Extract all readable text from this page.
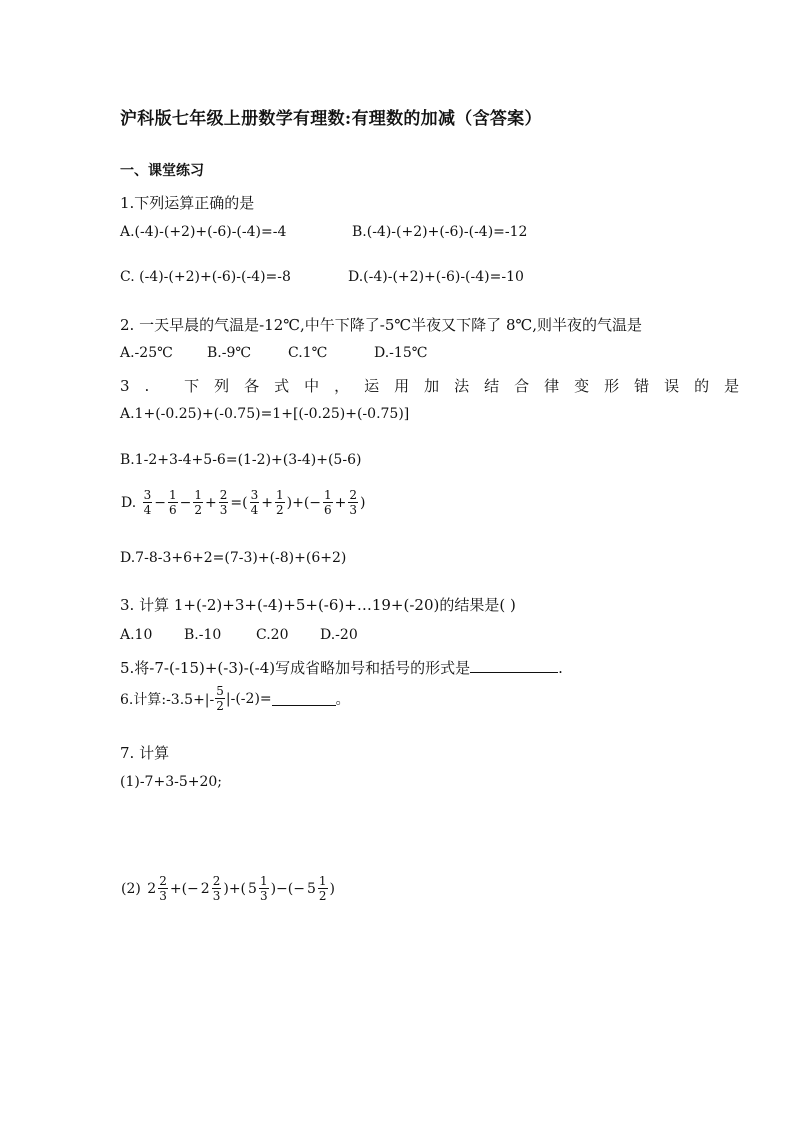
沪科版七年级上册数学有理数:有理数的加减（含答案）
一、课堂练习
1.下列运算正确的是
A.(-4)-(+2)+(-6)-(-4)=-4	B.(-4)-(+2)+(-6)-(-4)=-12
C. (-4)-(+2)+(-6)-(-4)=-8	D.(-4)-(+2)+(-6)-(-4)=-10
2. 一天早晨的气温是-12℃,中午下降了-5℃半夜又下降了 8℃,则半夜的气温是
A.-25℃ B.-9℃	C.1℃	D.-15℃
3. 下列各式中，运用加法结合律变形错误的是
A.1+(-0.25)+(-0.75)=1+[(-0.25)+(-0.75)]
B.1-2+3-4+5-6=(1-2)+(3-4)+(5-6)
D.
3
$4 - \frac{1}{6} - \frac{1}{2} + \frac{2}{3}$ =( 3
$4 + \frac{1}{2}$ )+(− $\frac{1}{6} + \frac{2}{3}$ )
D.7-8-3+6+2=(7-3)+(-8)+(6+2)
3. 计算 1+(-2)+3+(-4)+5+(-6)+…19+(-20)的结果是( )
A.10 B.-10 C.20 D.-20
5.将-7-(-15)+(-3)-(-4)写成省略加号和括号的形式是	.
6.计算:-3.5+|-
5
2 |-(-2)=	。
7. 计算
(1)-7+3-5+20;
(2)
2 2
3 +(− 2 2
3 )+( 5 1
3 )−(− 5 1
2 )
